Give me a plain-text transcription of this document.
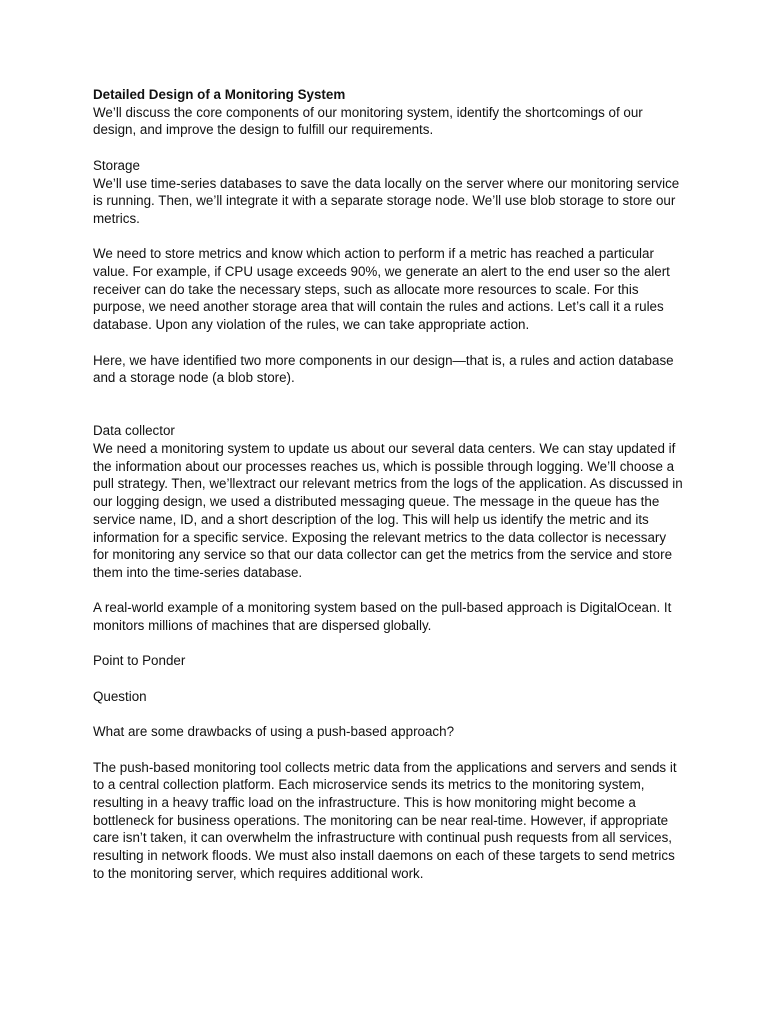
Detailed Design of a Monitoring System

We’ll discuss the core components of our monitoring system, identify the shortcomings of our design, and improve the design to fulfill our requirements.

Storage

We’ll use time-series databases to save the data locally on the server where our monitoring service is running. Then, we’ll integrate it with a separate storage node. We’ll use blob storage to store our metrics.

We need to store metrics and know which action to perform if a metric has reached a particular value. For example, if CPU usage exceeds 90%, we generate an alert to the end user so the alert receiver can do take the necessary steps, such as allocate more resources to scale. For this purpose, we need another storage area that will contain the rules and actions. Let’s call it a rules database. Upon any violation of the rules, we can take appropriate action.

Here, we have identified two more components in our design—that is, a rules and action database and a storage node (a blob store).

Data collector

We need a monitoring system to update us about our several data centers. We can stay updated if the information about our processes reaches us, which is possible through logging. We’ll choose a pull strategy. Then, we’llextract our relevant metrics from the logs of the application. As discussed in our logging design, we used a distributed messaging queue. The message in the queue has the service name, ID, and a short description of the log. This will help us identify the metric and its information for a specific service. Exposing the relevant metrics to the data collector is necessary for monitoring any service so that our data collector can get the metrics from the service and store them into the time-series database.

A real-world example of a monitoring system based on the pull-based approach is DigitalOcean. It monitors millions of machines that are dispersed globally.

Point to Ponder

Question

What are some drawbacks of using a push-based approach?

The push-based monitoring tool collects metric data from the applications and servers and sends it to a central collection platform. Each microservice sends its metrics to the monitoring system, resulting in a heavy traffic load on the infrastructure. This is how monitoring might become a bottleneck for business operations. The monitoring can be near real-time. However, if appropriate care isn’t taken, it can overwhelm the infrastructure with continual push requests from all services, resulting in network floods. We must also install daemons on each of these targets to send metrics to the monitoring server, which requires additional work.
